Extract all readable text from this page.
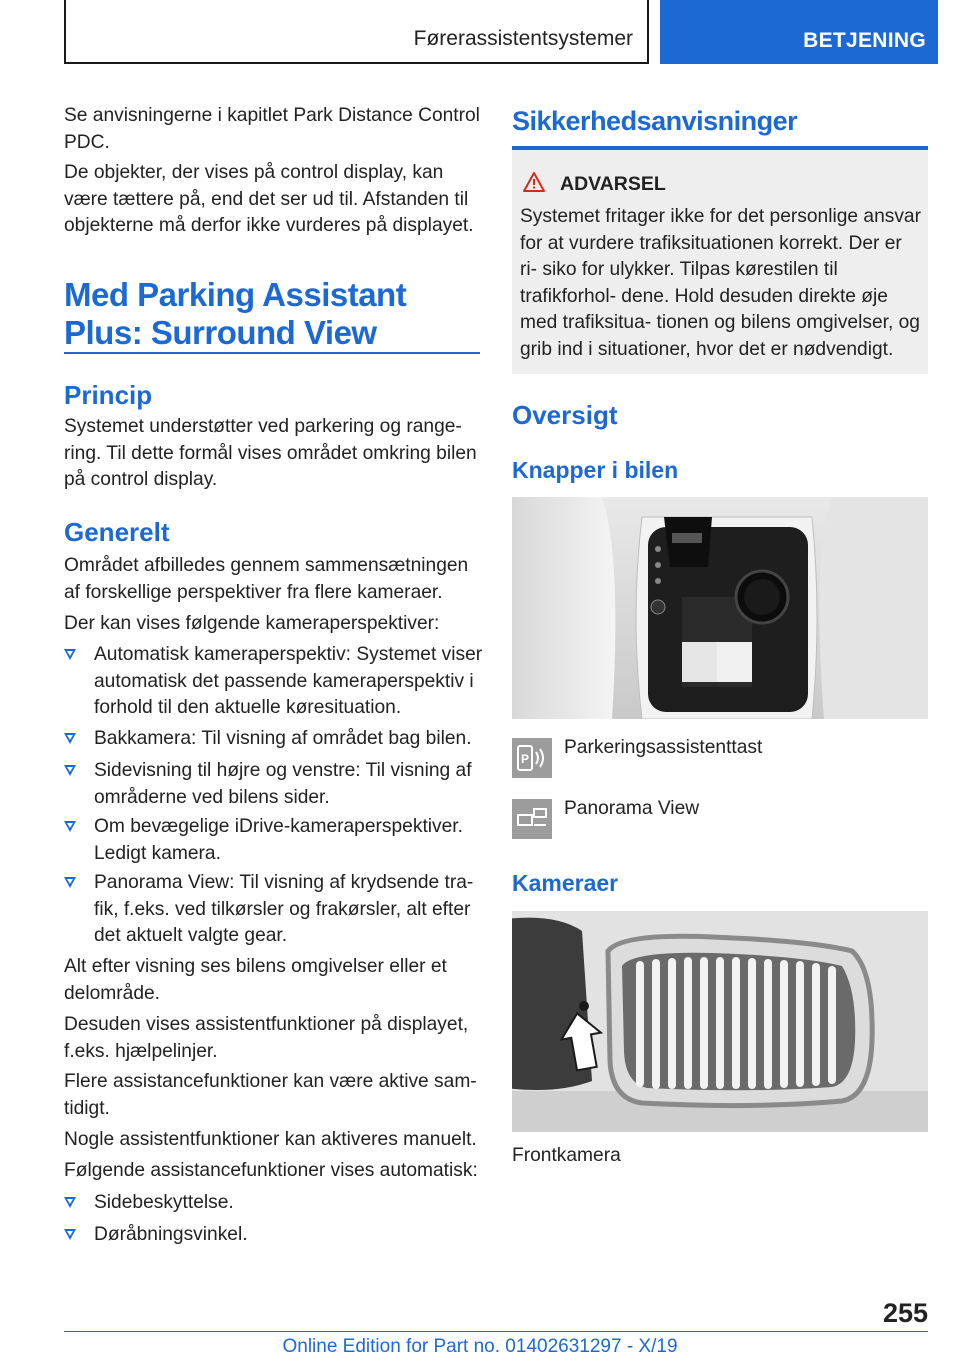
Førerassistentsystemer	BETJENING

Se anvisningerne i kapitlet Park Distance Control PDC.

De objekter, der vises på control display, kan være tættere på, end det ser ud til. Afstanden til objekterne må derfor ikke vurderes på displayet.

Med Parking Assistant
Plus: Surround View
Princip

Systemet understøtter ved parkering og range- ring. Til dette formål vises området omkring bilen på control display.

Generelt

Området afbilledes gennem sammensætningen af forskellige perspektiver fra flere kameraer.

Der kan vises følgende kameraperspektiver:

Automatisk kameraperspektiv: Systemet viser automatisk det passende kameraperspektiv i forhold til den aktuelle køresituation.

Bakkamera: Til visning af området bag bilen.

Sidevisning til højre og venstre: Til visning af områderne ved bilens sider.

Om bevægelige iDrive-kameraperspektiver. Ledigt kamera.

Panorama View: Til visning af krydsende tra- fik, f.eks. ved tilkørsler og frakørsler, alt efter det aktuelt valgte gear.

Alt efter visning ses bilens omgivelser eller et delområde.

Desuden vises assistentfunktioner på displayet, f.eks. hjælpelinjer.

Flere assistancefunktioner kan være aktive sam- tidigt.

Nogle assistentfunktioner kan aktiveres manuelt.

Følgende assistancefunktioner vises automatisk:

Sidebeskyttelse.

Døråbningsvinkel.

Sikkerhedsanvisninger

ADVARSEL

Systemet fritager ikke for det personlige ansvar for at vurdere trafiksituationen korrekt. Der er ri- siko for ulykker. Tilpas kørestilen til trafikforhol- dene. Hold desuden direkte øje med trafiksitua- tionen og bilens omgivelser, og grib ind i situationer, hvor det er nødvendigt.

Oversigt
Knapper i bilen
P

Parkeringsassistenttast

Panorama View

Kameraer

Frontkamera

255

Online Edition for Part no. 01402631297 - X/19
